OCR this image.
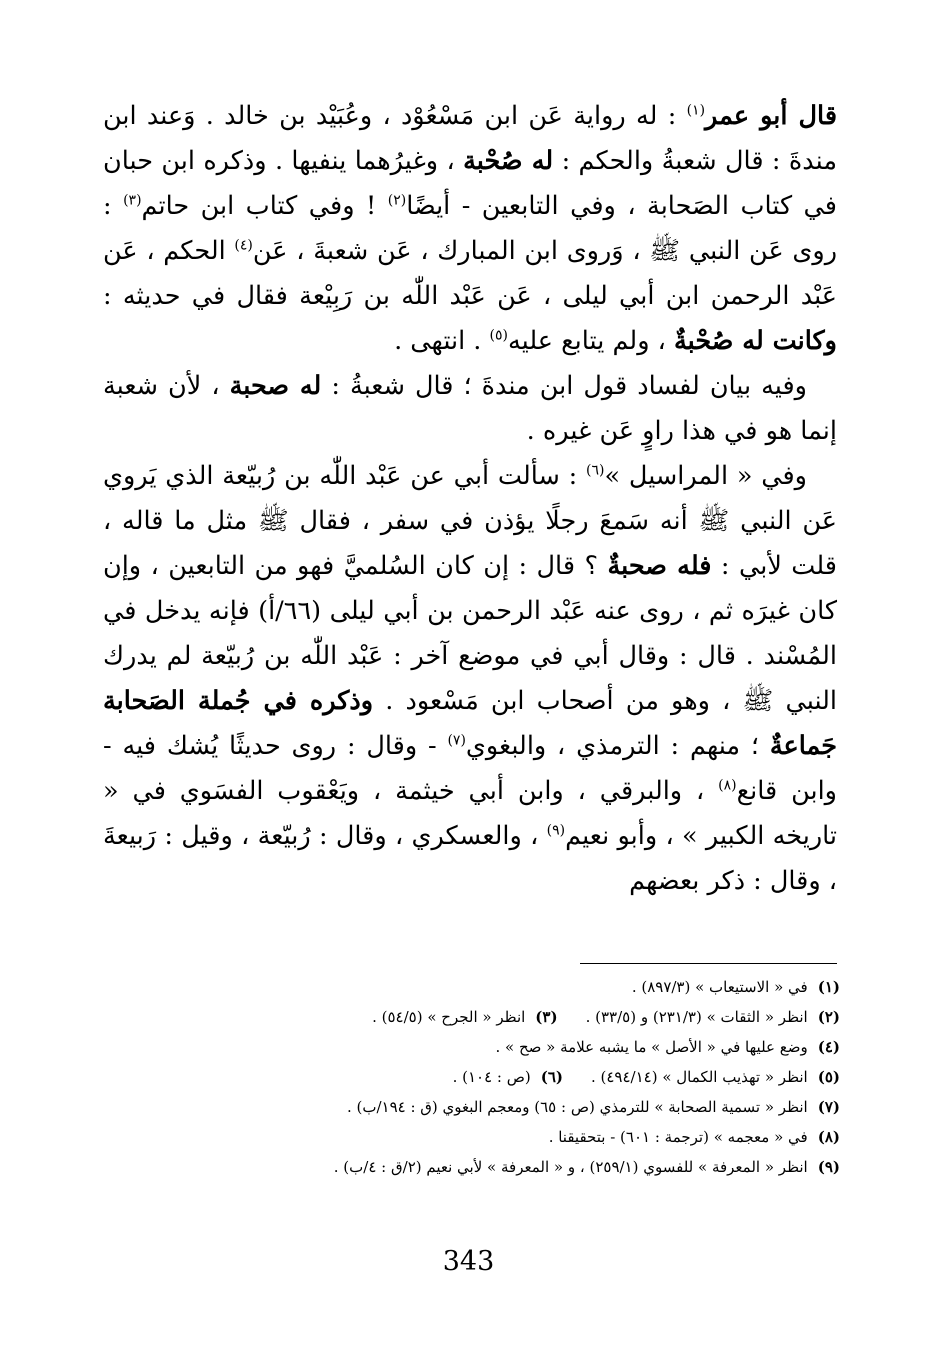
قال أبو عمر$^{(١)}$ : له رواية عَن ابن مَسْعُوْد ، وعُبَيْد بن خالد . وَعند ابن مندةَ : قال شعبةُ والحكم : له صُحْبة ، وغيرُهما ينفيها . وذكره ابن حبان في كتاب الصَحابة ، وفي التابعين - أيضًا$^{(٢)}$ ! وفي كتاب ابن حاتم$^{(٣)}$ : روى عَن النبي ﷺ ، وَروى ابن المبارك ، عَن شعبةَ ، عَن$^{(٤)}$ الحكم ، عَن عَبْد الرحمن ابن أبي ليلى ، عَن عَبْد اللّٰه بن رَبِيْعة فقال في حديثه : وكانت له صُحْبةٌ ، ولم يتابع عليه$^{(٥)}$ . انتهى .

وفيه بيان لفساد قول ابن مندةَ ؛ قال شعبةُ : له صحبة ، لأن شعبة إنما هو في هذا راوٍ عَن غيره .

وفي « المراسيل »$^{(٦)}$ : سألت أبي عن عَبْد اللّٰه بن رُبيّعة الذي يَروي عَن النبي ﷺ أنه سَمعَ رجلًا يؤذن في سفر ، فقال ﷺ مثل ما قاله ، قلت لأبي : فله صحبةٌ ؟ قال : إن كان السُلميَّ فهو من التابعين ، وإن كان غيرَه ثم ، روى عنه عَبْد الرحمن بن أبي ليلى (٦٦/أ) فإنه يدخل في المُسْند . قال : وقال أبي في موضع آخر : عَبْد اللّٰه بن رُبيّعة لم يدرك النبي ﷺ ، وهو من أصحاب ابن مَسْعود . وذكره في جُملة الصَحابة جَماعةٌ ؛ منهم : الترمذي ، والبغوي$^{(٧)}$ - وقال : روى حديثًا يُشك فيه - وابن قانع$^{(٨)}$ ، والبرقي ، وابن أبي خيثمة ، ويَعْقوب الفسَوي في « تاريخه الكبير » ، وأبو نعيم$^{(٩)}$ ، والعسكري ، وقال : رُبيّعة ، وقيل : رَبيعةَ ، وقال : ذكر بعضهم

(١)في « الاستيعاب » (٨٩٧/٣) .
(٢)انظر « الثقات » (٢٣١/٣) و (٣٣/٥) .
(٣)انظر « الجرح » (٥٤/٥) .
(٤)وضع عليها في « الأصل » ما يشبه علامة « صح » .
(٥)انظر « تهذيب الكمال » (٤٩٤/١٤) .
(٦)(ص : ١٠٤) .
(٧)انظر « تسمية الصحابة » للترمذي (ص : ٦٥) ومعجم البغوي (ق : ١٩٤/ب) .
(٨)في « معجمه » (ترجمة : ٦٠١) - بتحقيقنا .
(٩)انظر « المعرفة » للفسوي (٢٥٩/١) ، و « المعرفة » لأبي نعيم (٢/ق : ٤/ب) .
343
